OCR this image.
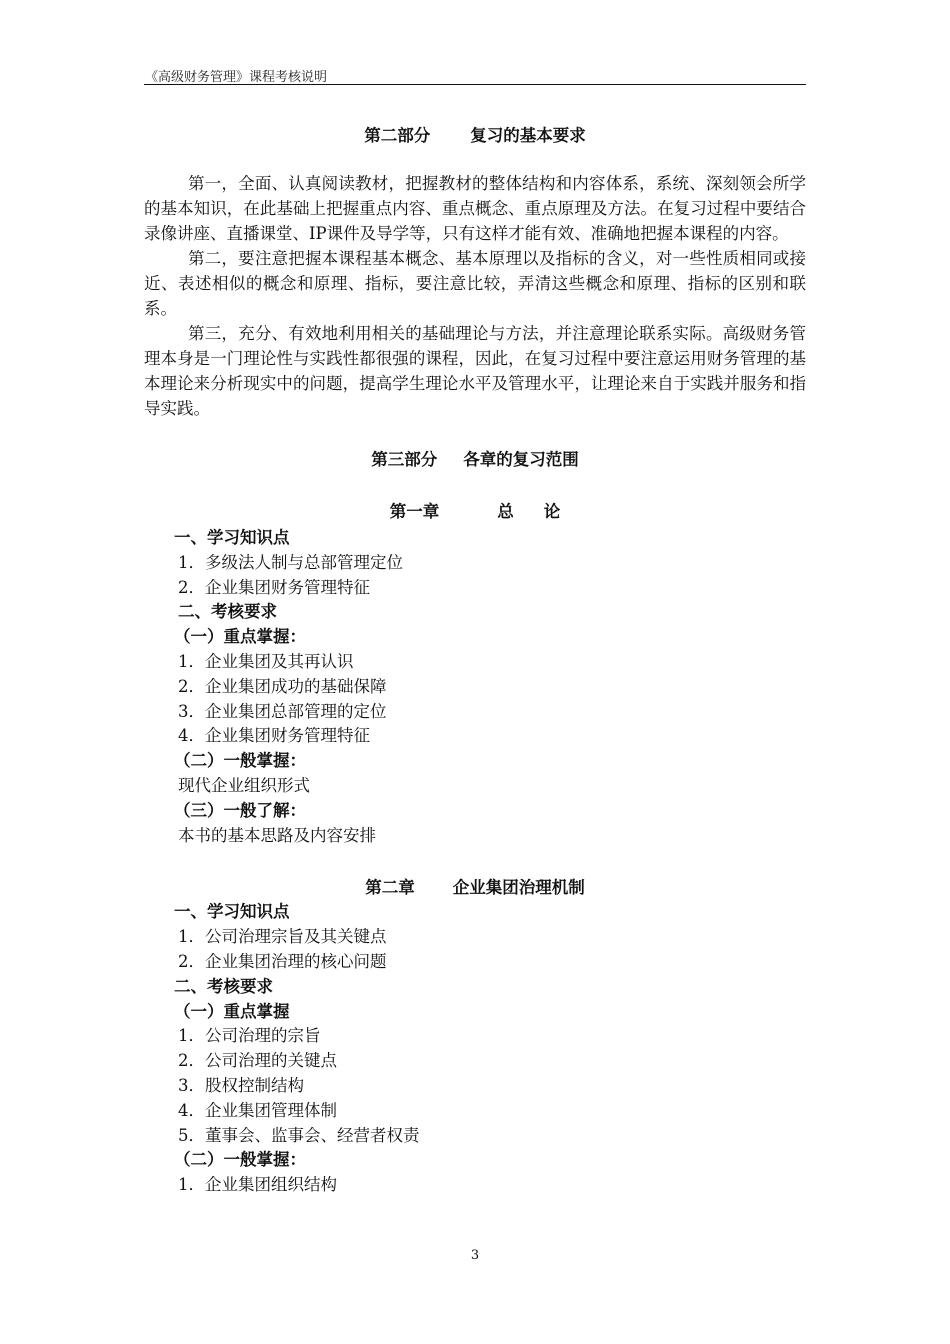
《高级财务管理》课程考核说明
第二部分 复习的基本要求

第一，全面、认真阅读教材，把握教材的整体结构和内容体系，系统、深刻领会所学的基本知识，在此基础上把握重点内容、重点概念、重点原理及方法。在复习过程中要结合录像讲座、直播课堂、IP课件及导学等，只有这样才能有效、准确地把握本课程的内容。

第二，要注意把握本课程基本概念、基本原理以及指标的含义，对一些性质相同或接近、表述相似的概念和原理、指标，要注意比较，弄清这些概念和原理、指标的区别和联系。

第三，充分、有效地利用相关的基础理论与方法，并注意理论联系实际。高级财务管理本身是一门理论性与实践性都很强的课程，因此，在复习过程中要注意运用财务管理的基本理论来分析现实中的问题，提高学生理论水平及管理水平，让理论来自于实践并服务和指导实践。

第三部分 各章的复习范围
第一章	总 论

一、学习知识点

1．多级法人制与总部管理定位

2．企业集团财务管理特征

二、考核要求

（一）重点掌握：

1．企业集团及其再认识

2．企业集团成功的基础保障

3．企业集团总部管理的定位

4．企业集团财务管理特征

（二）一般掌握：

现代企业组织形式

（三）一般了解：

本书的基本思路及内容安排

第二章 企业集团治理机制

一、学习知识点

1．公司治理宗旨及其关键点

2．企业集团治理的核心问题

二、考核要求

（一）重点掌握

1．公司治理的宗旨

2．公司治理的关键点

3．股权控制结构

4．企业集团管理体制

5．董事会、监事会、经营者权责

（二）一般掌握：

1．企业集团组织结构

3
